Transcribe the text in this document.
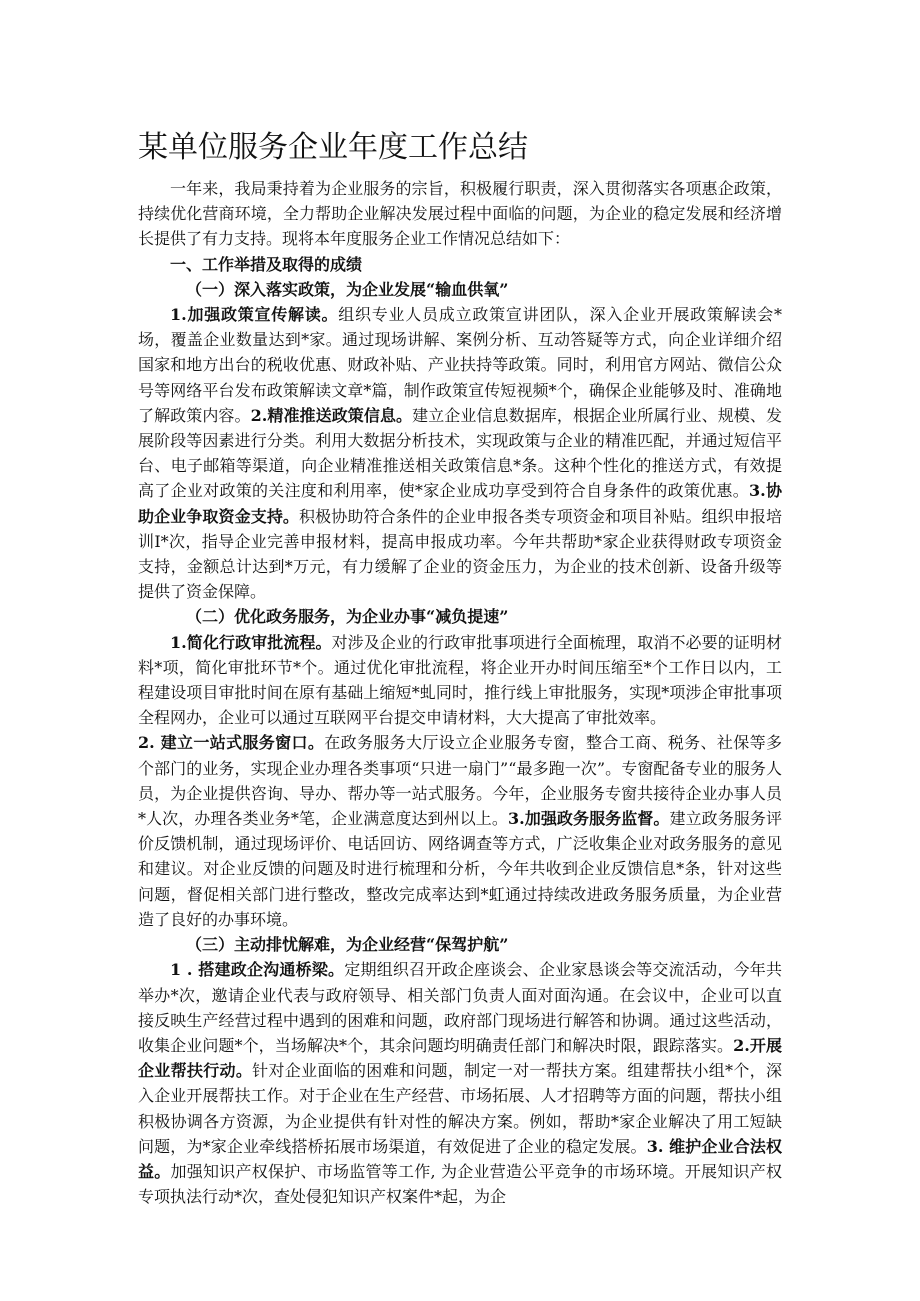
某单位服务企业年度工作总结

一年来，我局秉持着为企业服务的宗旨，积极履行职责，深入贯彻落实各项惠企政策，持续优化营商环境，全力帮助企业解决发展过程中面临的问题，为企业的稳定发展和经济增长提供了有力支持。现将本年度服务企业工作情况总结如下：

一、工作举措及取得的成绩

（一）深入落实政策，为企业发展“输血供氧”

1.加强政策宣传解读。组织专业人员成立政策宣讲团队，深入企业开展政策解读会*场，覆盖企业数量达到*家。通过现场讲解、案例分析、互动答疑等方式，向企业详细介绍国家和地方出台的税收优惠、财政补贴、产业扶持等政策。同时，利用官方网站、微信公众号等网络平台发布政策解读文章*篇，制作政策宣传短视频*个，确保企业能够及时、准确地了解政策内容。2.精准推送政策信息。建立企业信息数据库，根据企业所属行业、规模、发展阶段等因素进行分类。利用大数据分析技术，实现政策与企业的精准匹配，并通过短信平台、电子邮箱等渠道，向企业精准推送相关政策信息*条。这种个性化的推送方式，有效提高了企业对政策的关注度和利用率，使*家企业成功享受到符合自身条件的政策优惠。3.协助企业争取资金支持。积极协助符合条件的企业申报各类专项资金和项目补贴。组织申报培训I*次，指导企业完善申报材料，提高申报成功率。今年共帮助*家企业获得财政专项资金支持，金额总计达到*万元，有力缓解了企业的资金压力，为企业的技术创新、设备升级等提供了资金保障。

（二）优化政务服务，为企业办事“减负提速”

1.简化行政审批流程。对涉及企业的行政审批事项进行全面梳理，取消不必要的证明材料*项，简化审批环节*个。通过优化审批流程，将企业开办时间压缩至*个工作日以内，工程建设项目审批时间在原有基础上缩短*虬同时，推行线上审批服务，实现*项涉企审批事项全程网办，企业可以通过互联网平台提交申请材料，大大提高了审批效率。

2. 建立一站式服务窗口。在政务服务大厅设立企业服务专窗，整合工商、税务、社保等多个部门的业务，实现企业办理各类事项“只进一扇门”“最多跑一次”。专窗配备专业的服务人员，为企业提供咨询、导办、帮办等一站式服务。今年，企业服务专窗共接待企业办事人员*人次，办理各类业务*笔，企业满意度达到州以上。3.加强政务服务监督。建立政务服务评价反馈机制，通过现场评价、电话回访、网络调查等方式，广泛收集企业对政务服务的意见和建议。对企业反馈的问题及时进行梳理和分析，今年共收到企业反馈信息*条，针对这些问题，督促相关部门进行整改，整改完成率达到*虹通过持续改进政务服务质量，为企业营造了良好的办事环境。

（三）主动排忧解难，为企业经营“保驾护航”

1 . 搭建政企沟通桥梁。定期组织召开政企座谈会、企业家恳谈会等交流活动，今年共举办*次，邀请企业代表与政府领导、相关部门负责人面对面沟通。在会议中，企业可以直接反映生产经营过程中遇到的困难和问题，政府部门现场进行解答和协调。通过这些活动，收集企业问题*个，当场解决*个，其余问题均明确责任部门和解决时限，跟踪落实。2.开展企业帮扶行动。针对企业面临的困难和问题，制定一对一帮扶方案。组建帮扶小组*个，深入企业开展帮扶工作。对于企业在生产经营、市场拓展、人才招聘等方面的问题，帮扶小组积极协调各方资源，为企业提供有针对性的解决方案。例如，帮助*家企业解决了用工短缺问题，为*家企业牵线搭桥拓展市场渠道，有效促进了企业的稳定发展。3. 维护企业合法权益。加强知识产权保护、市场监管等工作, 为企业营造公平竞争的市场环境。开展知识产权专项执法行动*次，查处侵犯知识产权案件*起，为企
